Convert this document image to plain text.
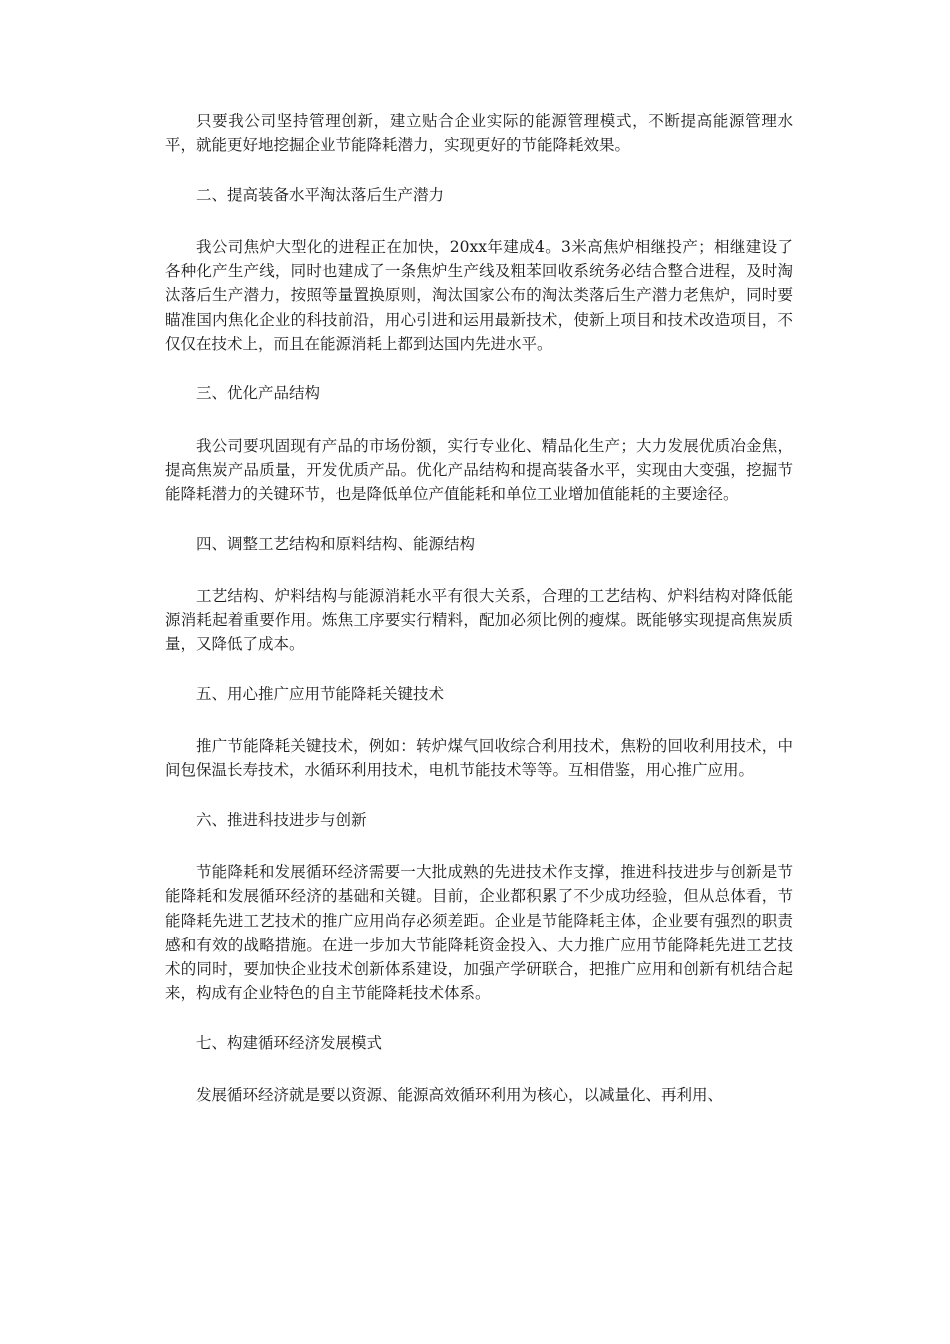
只要我公司坚持管理创新，建立贴合企业实际的能源管理模式，不断提高能源管理水平，就能更好地挖掘企业节能降耗潜力，实现更好的节能降耗效果。

二、提高装备水平淘汰落后生产潜力

我公司焦炉大型化的进程正在加快，20xx年建成4。3米高焦炉相继投产；相继建设了各种化产生产线，同时也建成了一条焦炉生产线及粗苯回收系统务必结合整合进程，及时淘汰落后生产潜力，按照等量置换原则，淘汰国家公布的淘汰类落后生产潜力老焦炉，同时要瞄准国内焦化企业的科技前沿，用心引进和运用最新技术，使新上项目和技术改造项目，不仅仅在技术上，而且在能源消耗上都到达国内先进水平。

三、优化产品结构

我公司要巩固现有产品的市场份额，实行专业化、精品化生产；大力发展优质冶金焦，提高焦炭产品质量，开发优质产品。优化产品结构和提高装备水平，实现由大变强，挖掘节能降耗潜力的关键环节，也是降低单位产值能耗和单位工业增加值能耗的主要途径。

四、调整工艺结构和原料结构、能源结构

工艺结构、炉料结构与能源消耗水平有很大关系，合理的工艺结构、炉料结构对降低能源消耗起着重要作用。炼焦工序要实行精料，配加必须比例的瘦煤。既能够实现提高焦炭质量，又降低了成本。

五、用心推广应用节能降耗关键技术

推广节能降耗关键技术，例如：转炉煤气回收综合利用技术，焦粉的回收利用技术，中间包保温长寿技术，水循环利用技术，电机节能技术等等。互相借鉴，用心推广应用。

六、推进科技进步与创新

节能降耗和发展循环经济需要一大批成熟的先进技术作支撑，推进科技进步与创新是节能降耗和发展循环经济的基础和关键。目前，企业都积累了不少成功经验，但从总体看，节能降耗先进工艺技术的推广应用尚存必须差距。企业是节能降耗主体，企业要有强烈的职责感和有效的战略措施。在进一步加大节能降耗资金投入、大力推广应用节能降耗先进工艺技术的同时，要加快企业技术创新体系建设，加强产学研联合，把推广应用和创新有机结合起来，构成有企业特色的自主节能降耗技术体系。

七、构建循环经济发展模式

发展循环经济就是要以资源、能源高效循环利用为核心，以减量化、再利用、
